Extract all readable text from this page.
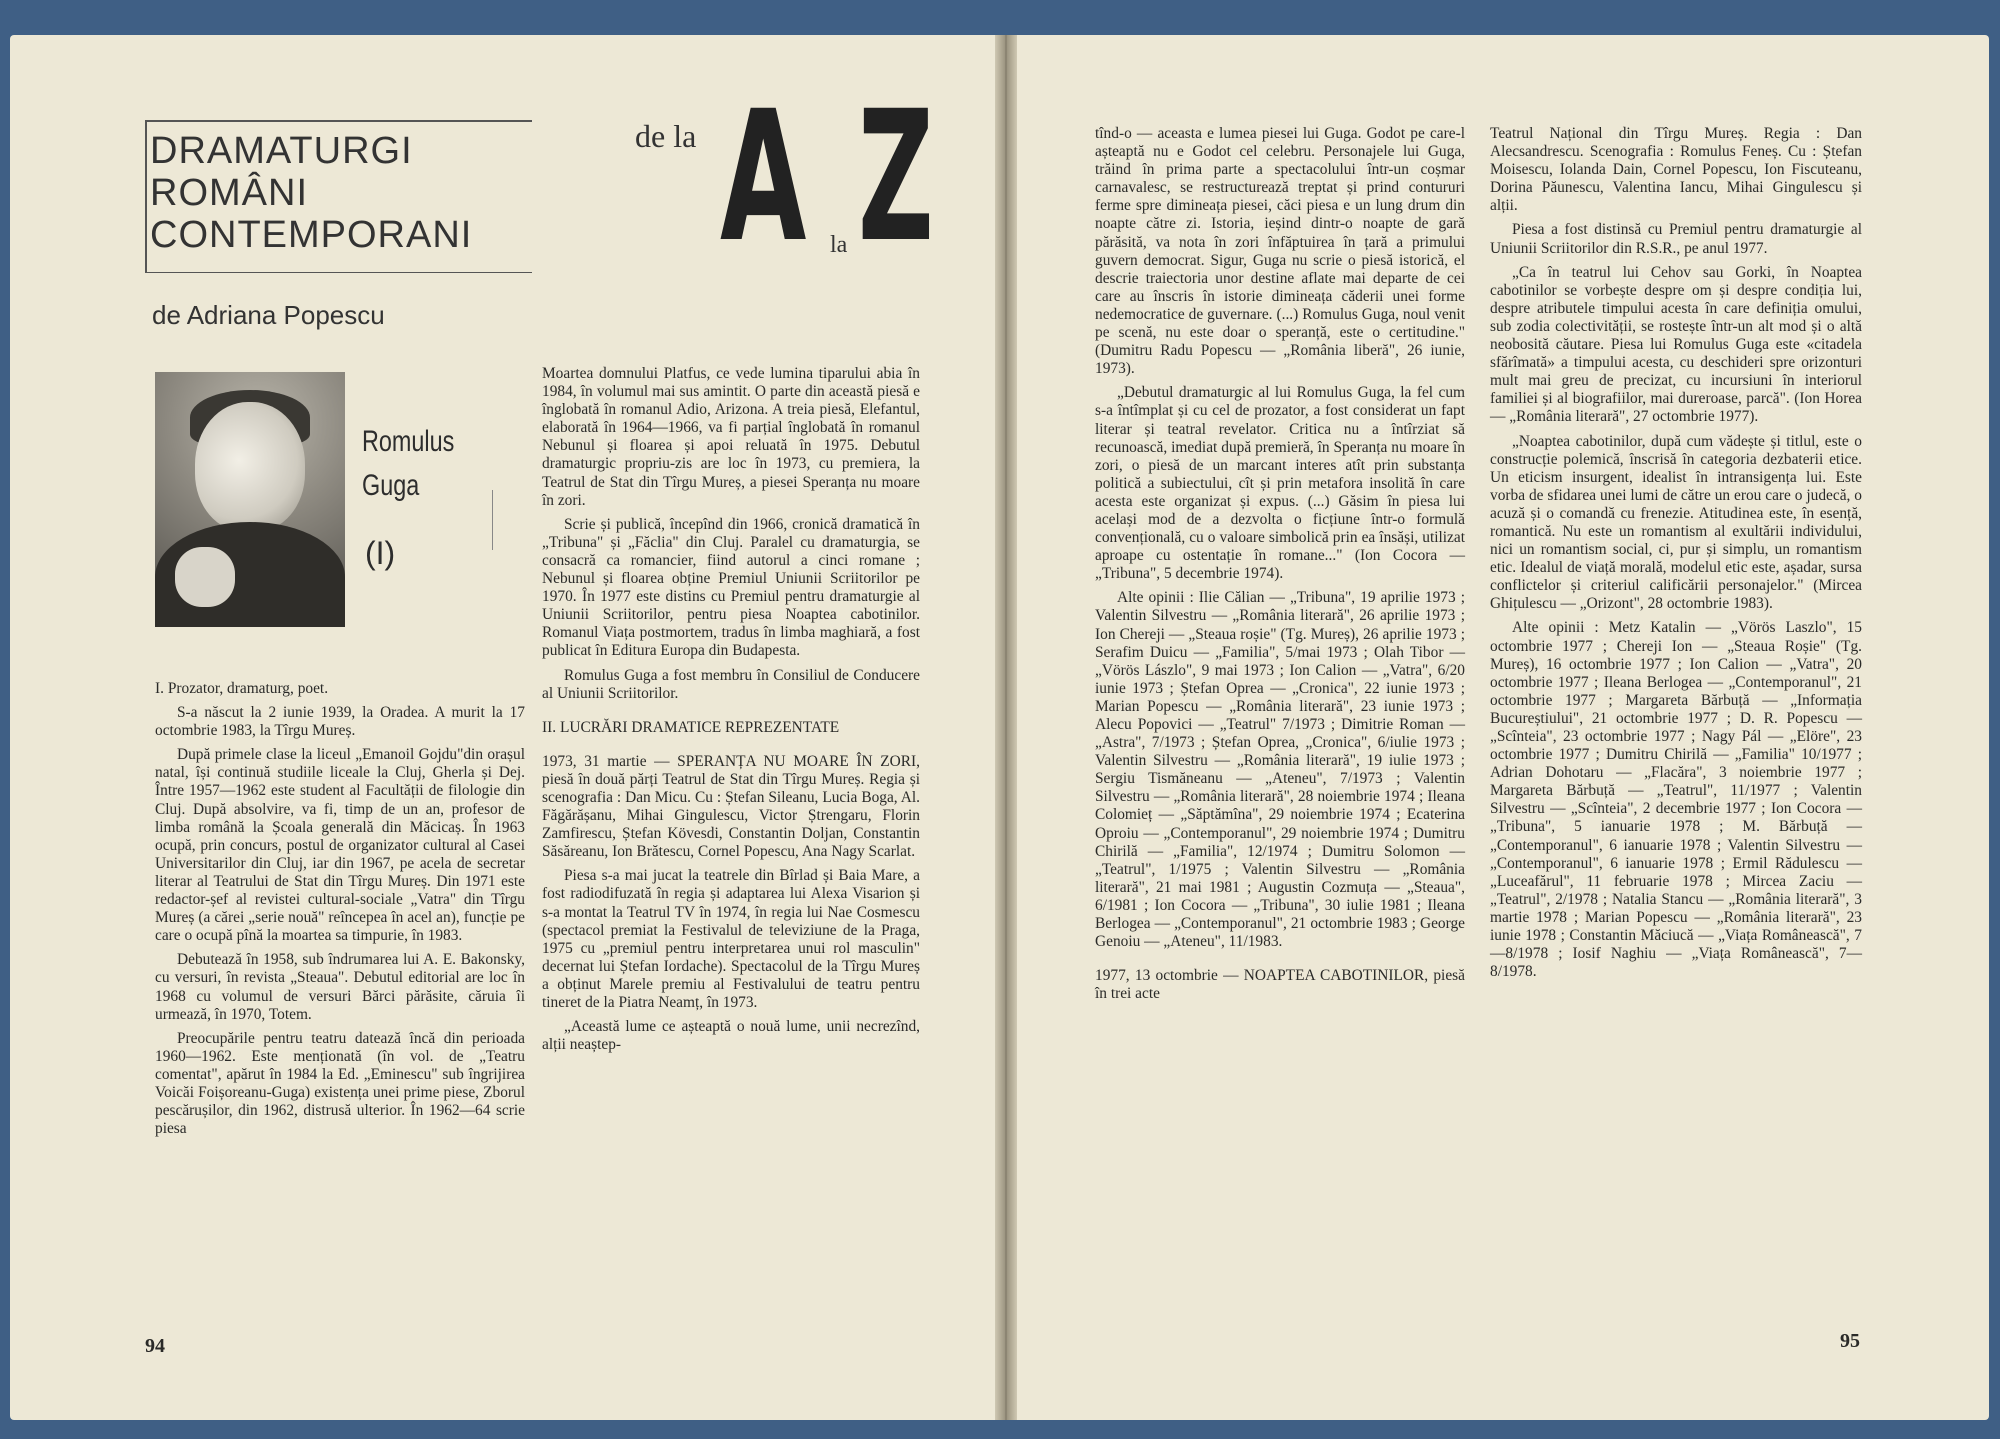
DRAMATURGI
ROMÂNI
CONTEMPORANI
de la A la Z
de Adriana Popescu
Romulus
Guga
(I)

I. Prozator, dramaturg, poet.

S-a născut la 2 iunie 1939, la Oradea. A murit la 17 octombrie 1983, la Tîrgu Mureș.

După primele clase la liceul „Emanoil Gojdu"din orașul natal, își continuă studiile liceale la Cluj, Gherla și Dej. Între 1957—1962 este student al Facultății de filologie din Cluj. După absolvire, va fi, timp de un an, profesor de limba română la Școala generală din Măcicaș. În 1963 ocupă, prin concurs, postul de organizator cultural al Casei Universitarilor din Cluj, iar din 1967, pe acela de secretar literar al Teatrului de Stat din Tîrgu Mureș. Din 1971 este redactor-șef al revistei cultural-sociale „Vatra" din Tîrgu Mureș (a cărei „serie nouă" reîncepea în acel an), funcție pe care o ocupă pînă la moartea sa timpurie, în 1983.

Debutează în 1958, sub îndrumarea lui A. E. Bakonsky, cu versuri, în revista „Steaua". Debutul editorial are loc în 1968 cu volumul de versuri Bărci părăsite, căruia îi urmează, în 1970, Totem.

Preocupările pentru teatru datează încă din perioada 1960—1962. Este menționată (în vol. de „Teatru comentat", apărut în 1984 la Ed. „Eminescu" sub îngrijirea Voicăi Foișoreanu-Guga) existența unei prime piese, Zborul pescărușilor, din 1962, distrusă ulterior. În 1962—64 scrie piesa

Moartea domnului Platfus, ce vede lumina tiparului abia în 1984, în volumul mai sus amintit. O parte din această piesă e înglobată în romanul Adio, Arizona. A treia piesă, Elefantul, elaborată în 1964—1966, va fi parțial înglobată în romanul Nebunul și floarea și apoi reluată în 1975. Debutul dramaturgic propriu-zis are loc în 1973, cu premiera, la Teatrul de Stat din Tîrgu Mureș, a piesei Speranța nu moare în zori.

Scrie și publică, începînd din 1966, cronică dramatică în „Tribuna" și „Făclia" din Cluj. Paralel cu dramaturgia, se consacră ca romancier, fiind autorul a cinci romane ; Nebunul și floarea obține Premiul Uniunii Scriitorilor pe 1970. În 1977 este distins cu Premiul pentru dramaturgie al Uniunii Scriitorilor, pentru piesa Noaptea cabotinilor. Romanul Viața postmortem, tradus în limba maghiară, a fost publicat în Editura Europa din Budapesta.

Romulus Guga a fost membru în Consiliul de Conducere al Uniunii Scriitorilor.

II. LUCRĂRI DRAMATICE REPREZENTATE

1973, 31 martie — SPERANȚA NU MOARE ÎN ZORI, piesă în două părți Teatrul de Stat din Tîrgu Mureș. Regia și scenografia : Dan Micu. Cu : Ștefan Sileanu, Lucia Boga, Al. Făgărășanu, Mihai Gingulescu, Victor Ștrengaru, Florin Zamfirescu, Ștefan Kövesdi, Constantin Doljan, Constantin Săsăreanu, Ion Brătescu, Cornel Popescu, Ana Nagy Scarlat.

Piesa s-a mai jucat la teatrele din Bîrlad și Baia Mare, a fost radiodifuzată în regia și adaptarea lui Alexa Visarion și s-a montat la Teatrul TV în 1974, în regia lui Nae Cosmescu (spectacol premiat la Festivalul de televiziune de la Praga, 1975 cu „premiul pentru interpretarea unui rol masculin" decernat lui Ștefan Iordache). Spectacolul de la Tîrgu Mureș a obținut Marele premiu al Festivalului de teatru pentru tineret de la Piatra Neamț, în 1973.

„Această lume ce așteaptă o nouă lume, unii necrezînd, alții neaștep-

tînd-o — aceasta e lumea piesei lui Guga. Godot pe care-l așteaptă nu e Godot cel celebru. Personajele lui Guga, trăind în prima parte a spectacolului într-un coșmar carnavalesc, se restructurează treptat și prind contururi ferme spre dimineața piesei, căci piesa e un lung drum din noapte către zi. Istoria, ieșind dintr-o noapte de gară părăsită, va nota în zori înfăptuirea în țară a primului guvern democrat. Sigur, Guga nu scrie o piesă istorică, el descrie traiectoria unor destine aflate mai departe de cei care au înscris în istorie dimineața căderii unei forme nedemocratice de guvernare. (...) Romulus Guga, noul venit pe scenă, nu este doar o speranță, este o certitudine." (Dumitru Radu Popescu — „România liberă", 26 iunie, 1973).

„Debutul dramaturgic al lui Romulus Guga, la fel cum s-a întîmplat și cu cel de prozator, a fost considerat un fapt literar și teatral revelator. Critica nu a întîrziat să recunoască, imediat după premieră, în Speranța nu moare în zori, o piesă de un marcant interes atît prin substanța politică a subiectului, cît și prin metafora insolită în care acesta este organizat și expus. (...) Găsim în piesa lui același mod de a dezvolta o ficțiune într-o formulă convențională, cu o valoare simbolică prin ea însăși, utilizat aproape cu ostentație în romane..." (Ion Cocora — „Tribuna", 5 decembrie 1974).

Alte opinii : Ilie Călian — „Tribuna", 19 aprilie 1973 ; Valentin Silvestru — „România literară", 26 aprilie 1973 ; Ion Chereji — „Steaua roșie" (Tg. Mureș), 26 aprilie 1973 ; Serafim Duicu — „Familia", 5/mai 1973 ; Olah Tibor — „Vörös Lászlo", 9 mai 1973 ; Ion Calion — „Vatra", 6/20 iunie 1973 ; Ștefan Oprea — „Cronica", 22 iunie 1973 ; Marian Popescu — „România literară", 23 iunie 1973 ; Alecu Popovici — „Teatrul" 7/1973 ; Dimitrie Roman — „Astra", 7/1973 ; Ștefan Oprea, „Cronica", 6/iulie 1973 ; Valentin Silvestru — „România literară", 19 iulie 1973 ; Sergiu Tismăneanu — „Ateneu", 7/1973 ; Valentin Silvestru — „România literară", 28 noiembrie 1974 ; Ileana Colomieț — „Săptămîna", 29 noiembrie 1974 ; Ecaterina Oproiu — „Contemporanul", 29 noiembrie 1974 ; Dumitru Chirilă — „Familia", 12/1974 ; Dumitru Solomon — „Teatrul", 1/1975 ; Valentin Silvestru — „România literară", 21 mai 1981 ; Augustin Cozmuța — „Steaua", 6/1981 ; Ion Cocora — „Tribuna", 30 iulie 1981 ; Ileana Berlogea — „Contemporanul", 21 octombrie 1983 ; George Genoiu — „Ateneu", 11/1983.

1977, 13 octombrie — NOAPTEA CABOTINILOR, piesă în trei acte

Teatrul Național din Tîrgu Mureș. Regia : Dan Alecsandrescu. Scenografia : Romulus Feneș. Cu : Ștefan Moisescu, Iolanda Dain, Cornel Popescu, Ion Fiscuteanu, Dorina Păunescu, Valentina Iancu, Mihai Gingulescu și alții.

Piesa a fost distinsă cu Premiul pentru dramaturgie al Uniunii Scriitorilor din R.S.R., pe anul 1977.

„Ca în teatrul lui Cehov sau Gorki, în Noaptea cabotinilor se vorbește despre om și despre condiția lui, despre atributele timpului acesta în care definiția omului, sub zodia colectivității, se rostește într-un alt mod și o altă neobosită căutare. Piesa lui Romulus Guga este «citadela sfărîmată» a timpului acesta, cu deschideri spre orizonturi mult mai greu de precizat, cu incursiuni în interiorul familiei și al biografiilor, mai dureroase, parcă". (Ion Horea — „România literară", 27 octombrie 1977).

„Noaptea cabotinilor, după cum vădește și titlul, este o construcție polemică, înscrisă în categoria dezbaterii etice. Un eticism insurgent, idealist în intransigența lui. Este vorba de sfidarea unei lumi de către un erou care o judecă, o acuză și o comandă cu frenezie. Atitudinea este, în esență, romantică. Nu este un romantism al exultării individului, nici un romantism social, ci, pur și simplu, un romantism etic. Idealul de viață morală, modelul etic este, așadar, sursa conflictelor și criteriul calificării personajelor." (Mircea Ghițulescu — „Orizont", 28 octombrie 1983).

Alte opinii : Metz Katalin — „Vörös Laszlo", 15 octombrie 1977 ; Chereji Ion — „Steaua Roșie" (Tg. Mureș), 16 octombrie 1977 ; Ion Calion — „Vatra", 20 octombrie 1977 ; Ileana Berlogea — „Contemporanul", 21 octombrie 1977 ; Margareta Bărbuță — „Informația Bucureștiului", 21 octombrie 1977 ; D. R. Popescu — „Scînteia", 23 octombrie 1977 ; Nagy Pál — „Elöre", 23 octombrie 1977 ; Dumitru Chirilă — „Familia" 10/1977 ; Adrian Dohotaru — „Flacăra", 3 noiembrie 1977 ; Margareta Bărbuță — „Teatrul", 11/1977 ; Valentin Silvestru — „Scînteia", 2 decembrie 1977 ; Ion Cocora — „Tribuna", 5 ianuarie 1978 ; M. Bărbuță — „Contemporanul", 6 ianuarie 1978 ; Valentin Silvestru — „Contemporanul", 6 ianuarie 1978 ; Ermil Rădulescu — „Luceafărul", 11 februarie 1978 ; Mircea Zaciu — „Teatrul", 2/1978 ; Natalia Stancu — „România literară", 3 martie 1978 ; Marian Popescu — „România literară", 23 iunie 1978 ; Constantin Măciucă — „Viața Românească", 7—8/1978 ; Iosif Naghiu — „Viața Românească", 7—8/1978.

94	95
